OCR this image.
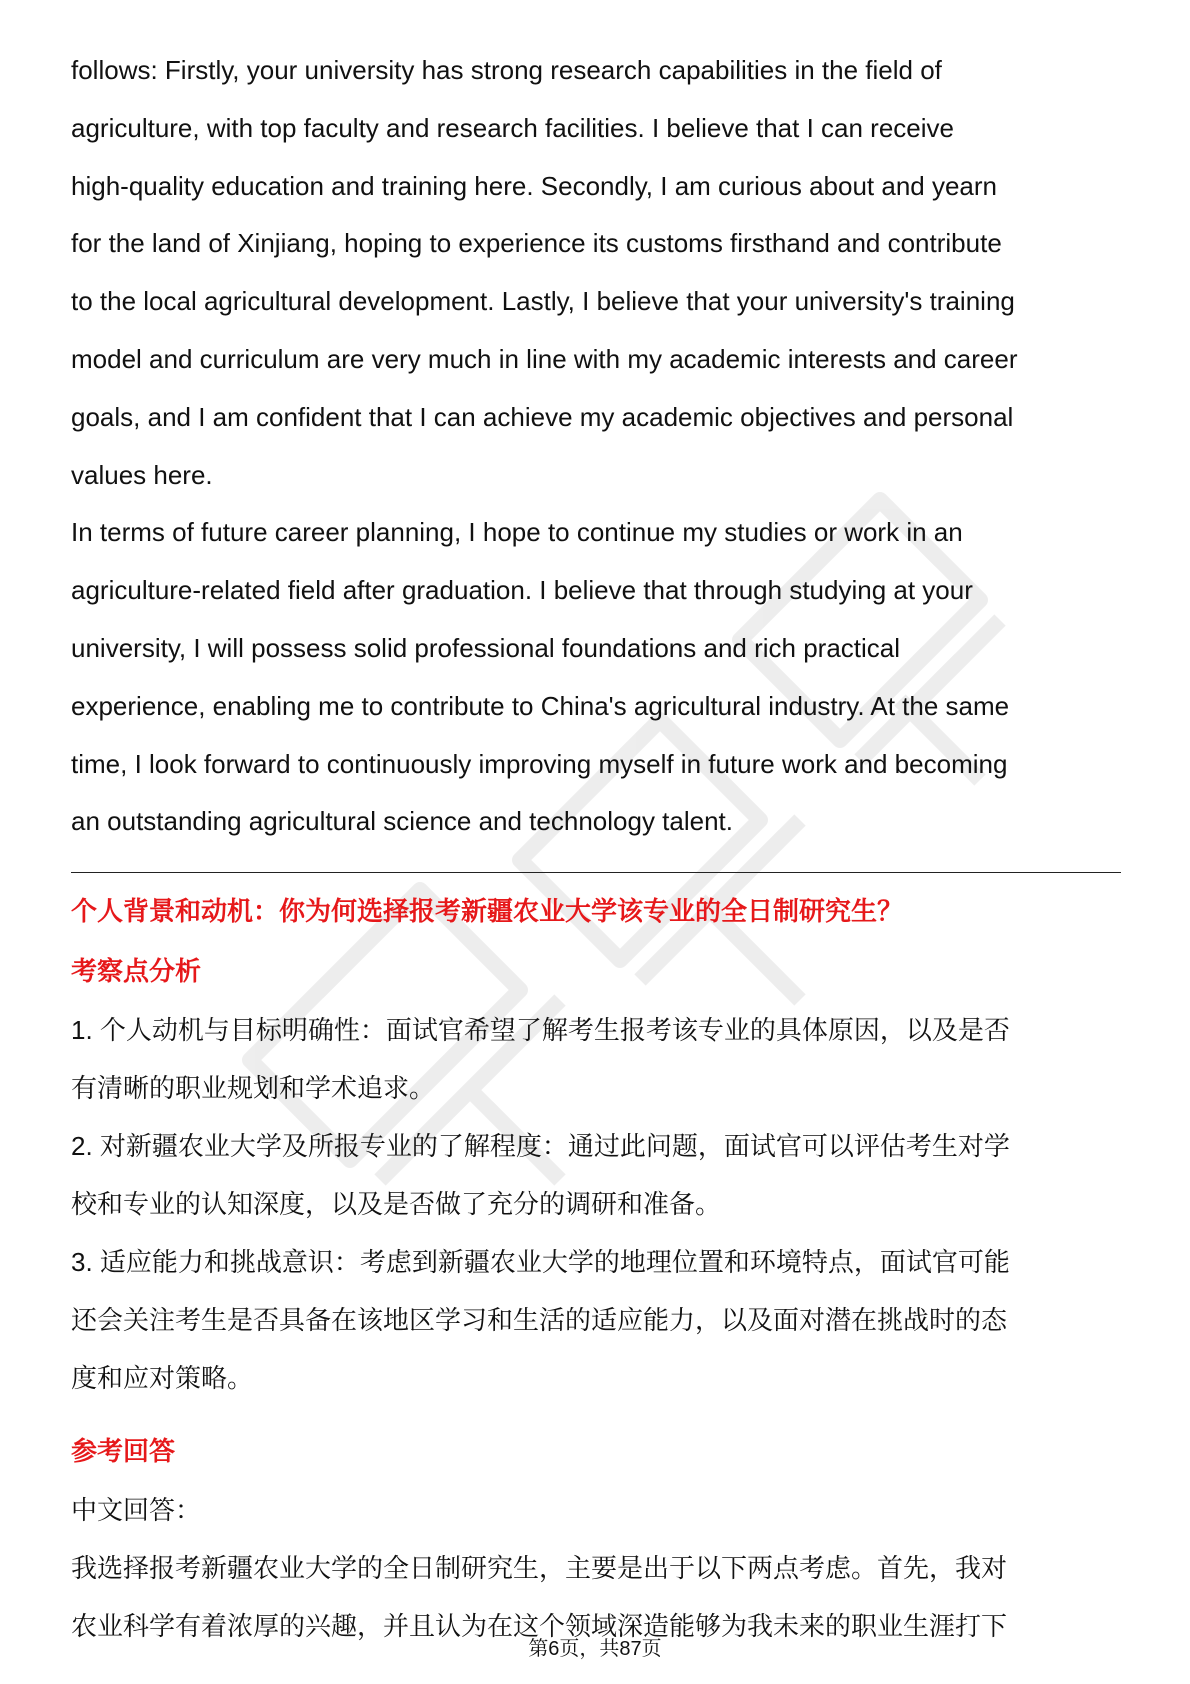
follows: Firstly, your university has strong research capabilities in the field of

agriculture, with top faculty and research facilities. I believe that I can receive

high-quality education and training here. Secondly, I am curious about and yearn

for the land of Xinjiang, hoping to experience its customs firsthand and contribute

to the local agricultural development. Lastly, I believe that your university's training

model and curriculum are very much in line with my academic interests and career

goals, and I am confident that I can achieve my academic objectives and personal

values here.

In terms of future career planning, I hope to continue my studies or work in an

agriculture-related field after graduation. I believe that through studying at your

university, I will possess solid professional foundations and rich practical

experience, enabling me to contribute to China's agricultural industry. At the same

time, I look forward to continuously improving myself in future work and becoming

an outstanding agricultural science and technology talent.

个人背景和动机：你为何选择报考新疆农业大学该专业的全日制研究生？

考察点分析

1. 个人动机与目标明确性：面试官希望了解考生报考该专业的具体原因，以及是否

有清晰的职业规划和学术追求。

2. 对新疆农业大学及所报专业的了解程度：通过此问题，面试官可以评估考生对学

校和专业的认知深度，以及是否做了充分的调研和准备。

3. 适应能力和挑战意识：考虑到新疆农业大学的地理位置和环境特点，面试官可能

还会关注考生是否具备在该地区学习和生活的适应能力，以及面对潜在挑战时的态

度和应对策略。

参考回答

中文回答：

我选择报考新疆农业大学的全日制研究生，主要是出于以下两点考虑。首先，我对

农业科学有着浓厚的兴趣，并且认为在这个领域深造能够为我未来的职业生涯打下

第6页，共87页
